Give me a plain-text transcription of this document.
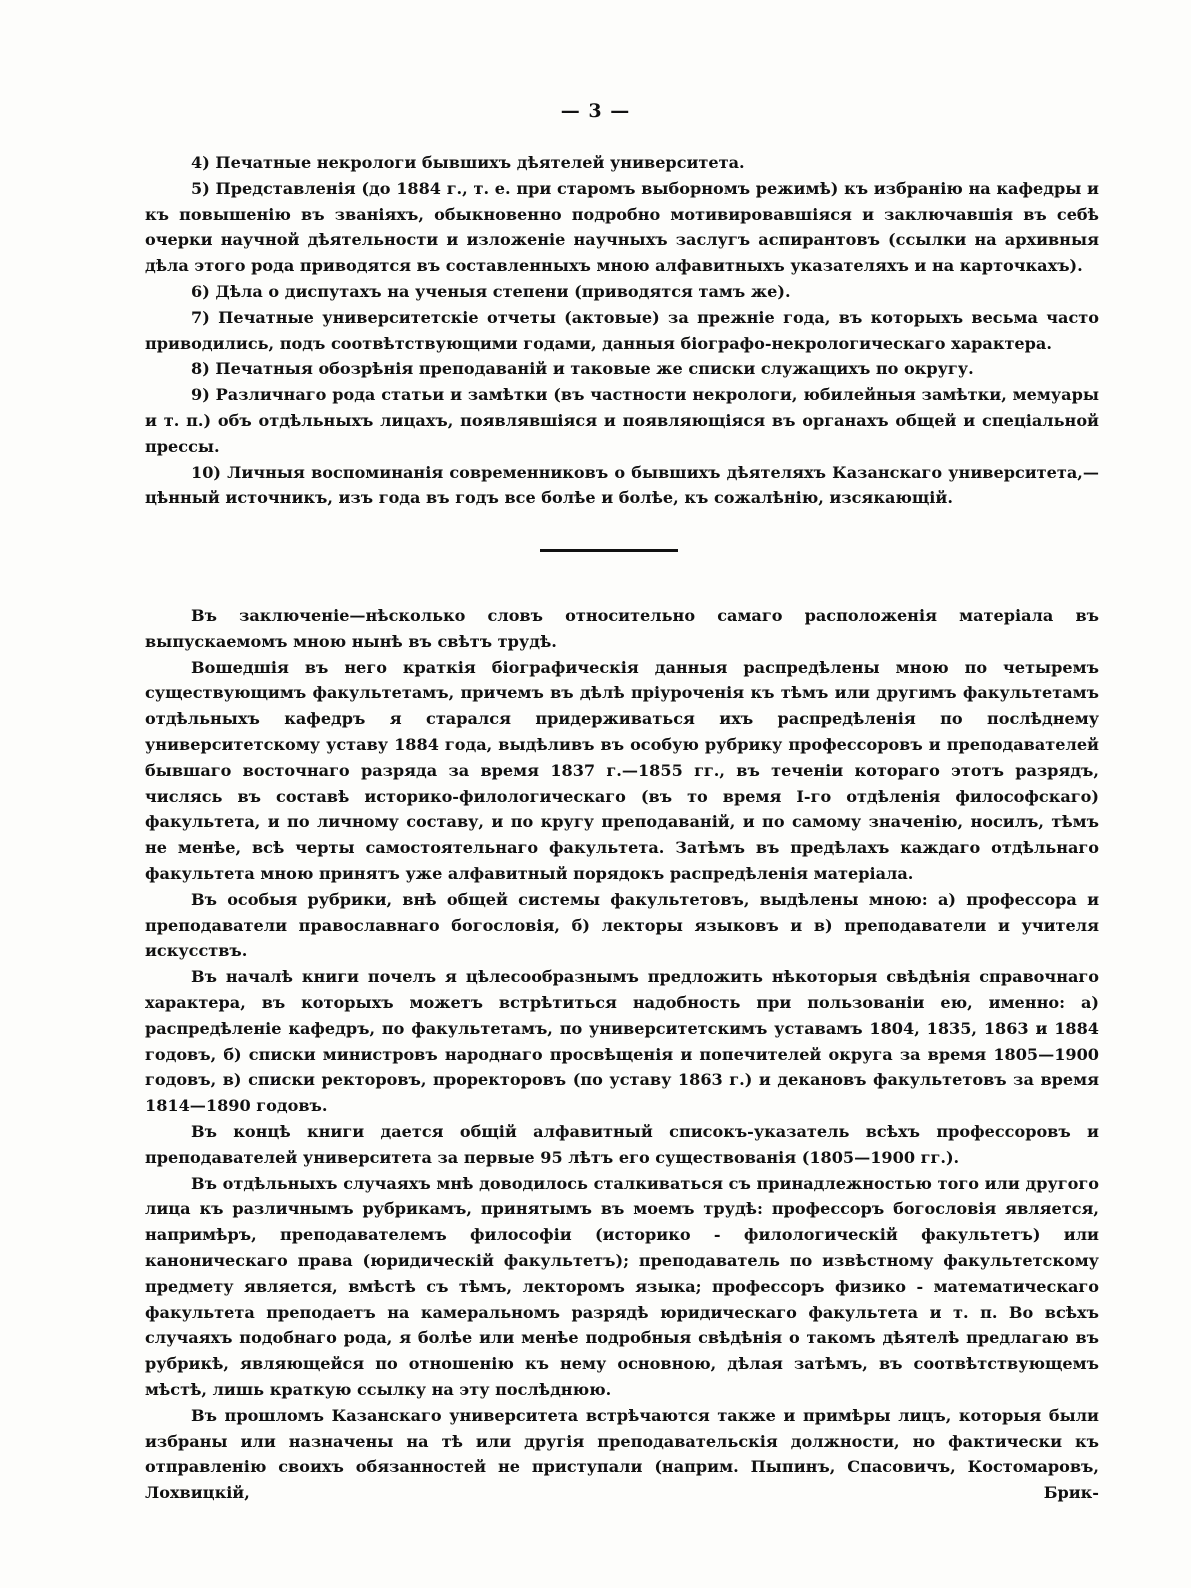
— 3 —

4) Печатные некрологи бывшихъ дѣятелей университета.

5) Представленія (до 1884 г., т. е. при старомъ выборномъ режимѣ) къ избранію на кафедры и къ повышенію въ званіяхъ, обыкновенно подробно мотивировавшіяся и заключавшія въ себѣ очерки научной дѣятельности и изложеніе научныхъ заслугъ аспирантовъ (ссылки на архивныя дѣла этого рода приводятся въ составленныхъ мною алфавитныхъ указателяхъ и на карточкахъ).

6) Дѣла о диспутахъ на ученыя степени (приводятся тамъ же).

7) Печатные университетскіе отчеты (актовые) за прежніе года, въ которыхъ весьма часто приводились, подъ соотвѣтствующими годами, данныя біографо-некрологическаго характера.

8) Печатныя обозрѣнія преподаваній и таковые же списки служащихъ по округу.

9) Различнаго рода статьи и замѣтки (въ частности некрологи, юбилейныя замѣтки, мемуары и т. п.) объ отдѣльныхъ лицахъ, появлявшіяся и появляющіяся въ органахъ общей и спеціальной прессы.

10) Личныя воспоминанія современниковъ о бывшихъ дѣятеляхъ Казанскаго университета,—цѣнный источникъ, изъ года въ годъ все болѣе и болѣе, къ сожалѣнію, изсякающій.

Въ заключеніе—нѣсколько словъ относительно самаго расположенія матеріала въ выпускаемомъ мною нынѣ въ свѣтъ трудѣ.

Вошедшія въ него краткія біографическія данныя распредѣлены мною по четыремъ существующимъ факультетамъ, причемъ въ дѣлѣ пріуроченія къ тѣмъ или другимъ факультетамъ отдѣльныхъ кафедръ я старался придерживаться ихъ распредѣленія по послѣднему университетскому уставу 1884 года, выдѣливъ въ особую рубрику профессоровъ и преподавателей бывшаго восточнаго разряда за время 1837 г.—1855 гг., въ теченіи котораго этотъ разрядъ, числясь въ составѣ историко-филологическаго (въ то время І-го отдѣленія философскаго) факультета, и по личному составу, и по кругу преподаваній, и по самому значенію, носилъ, тѣмъ не менѣе, всѣ черты самостоятельнаго факультета. Затѣмъ въ предѣлахъ каждаго отдѣльнаго факультета мною принятъ уже алфавитный порядокъ распредѣленія матеріала.

Въ особыя рубрики, внѣ общей системы факультетовъ, выдѣлены мною: а) профессора и преподаватели православнаго богословія, б) лекторы языковъ и в) преподаватели и учителя искусствъ.

Въ началѣ книги почелъ я цѣлесообразнымъ предложить нѣкоторыя свѣдѣнія справочнаго характера, въ которыхъ можетъ встрѣтиться надобность при пользованіи ею, именно: а) распредѣленіе кафедръ, по факультетамъ, по университетскимъ уставамъ 1804, 1835, 1863 и 1884 годовъ, б) списки министровъ народнаго просвѣщенія и попечителей округа за время 1805—1900 годовъ, в) списки ректоровъ, проректоровъ (по уставу 1863 г.) и декановъ факультетовъ за время 1814—1890 годовъ.

Въ концѣ книги дается общій алфавитный списокъ-указатель всѣхъ профессоровъ и преподавателей университета за первые 95 лѣтъ его существованія (1805—1900 гг.).

Въ отдѣльныхъ случаяхъ мнѣ доводилось сталкиваться съ принадлежностью того или другого лица къ различнымъ рубрикамъ, принятымъ въ моемъ трудѣ: профессоръ богословія является, напримѣръ, преподавателемъ философіи (историко - филологическій факультетъ) или каноническаго права (юридическій факультетъ); преподаватель по извѣстному факультетскому предмету является, вмѣстѣ съ тѣмъ, лекторомъ языка; профессоръ физико - математическаго факультета преподаетъ на камеральномъ разрядѣ юридическаго факультета и т. п. Во всѣхъ случаяхъ подобнаго рода, я болѣе или менѣе подробныя свѣдѣнія о такомъ дѣятелѣ предлагаю въ рубрикѣ, являющейся по отношенію къ нему основною, дѣлая затѣмъ, въ соотвѣтствующемъ мѣстѣ, лишь краткую ссылку на эту послѣднюю.

Въ прошломъ Казанскаго университета встрѣчаются также и примѣры лицъ, которыя были избраны или назначены на тѣ или другія преподавательскія должности, но фактически къ отправленію своихъ обязанностей не приступали (наприм. Пыпинъ, Спасовичъ, Костомаровъ, Лохвицкій, Брик-
